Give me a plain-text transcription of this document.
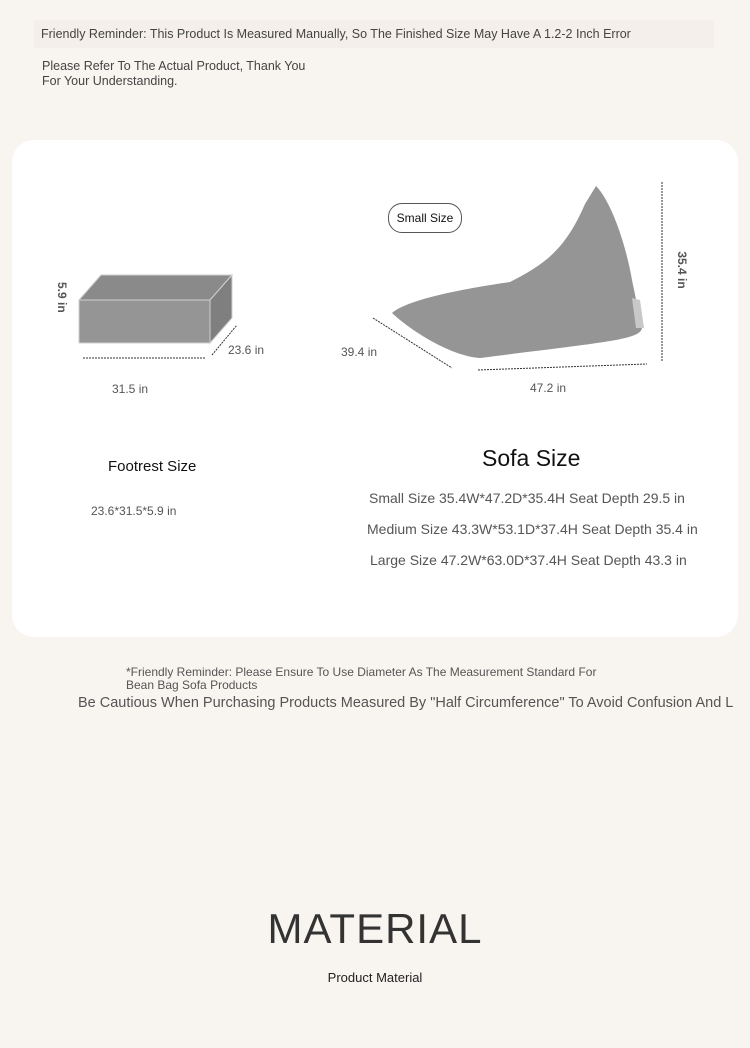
Friendly Reminder: This Product Is Measured Manually, So The Finished Size May Have A 1.2-2 Inch Error
Please Refer To The Actual Product, Thank You
For Your Understanding.
5.9 in
23.6 in
31.5 in
Small Size
35.4 in
39.4 in
47.2 in
Footrest Size
23.6*31.5*5.9 in
Sofa Size
Small Size 35.4W*47.2D*35.4H Seat Depth 29.5 in
Medium Size 43.3W*53.1D*37.4H Seat Depth 35.4 in
Large Size 47.2W*63.0D*37.4H Seat Depth 43.3 in
*Friendly Reminder: Please Ensure To Use Diameter As The Measurement Standard For
Bean Bag Sofa Products
Be Cautious When Purchasing Products Measured By "Half Circumference" To Avoid Confusion And L
MATERIAL
Product Material
